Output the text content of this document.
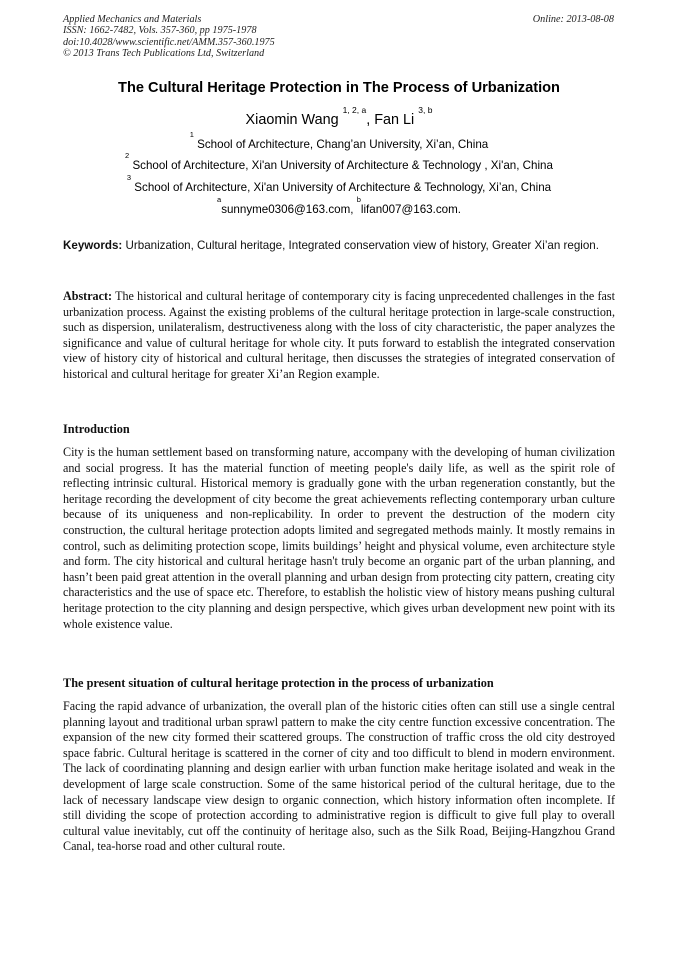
Applied Mechanics and Materials
ISSN: 1662-7482, Vols. 357-360, pp 1975-1978
doi:10.4028/www.scientific.net/AMM.357-360.1975
© 2013 Trans Tech Publications Ltd, Switzerland
Online: 2013-08-08
The Cultural Heritage Protection in The Process of Urbanization
Xiaomin Wang $^{1, 2, a}$, Fan Li $^{3, b}$
$^1$ School of Architecture, Chang’an University, Xi’an, China
$^2$ School of Architecture, Xi'an University of Architecture & Technology , Xi'an, China
$^3$ School of Architecture, Xi'an University of Architecture & Technology, Xi’an, China
$^a$sunnyme0306@163.com, $^b$lifan007@163.com.
Keywords: Urbanization, Cultural heritage, Integrated conservation view of history, Greater Xi’an region.
Abstract: The historical and cultural heritage of contemporary city is facing unprecedented challenges in the fast urbanization process. Against the existing problems of the cultural heritage protection in large-scale construction, such as dispersion, unilateralism, destructiveness along with the loss of city characteristic, the paper analyzes the significance and value of cultural heritage for whole city. It puts forward to establish the integrated conservation view of history city of historical and cultural heritage, then discusses the strategies of integrated conservation of historical and cultural heritage for greater Xi’an Region example.
Introduction
City is the human settlement based on transforming nature, accompany with the developing of human civilization and social progress. It has the material function of meeting people's daily life, as well as the spirit role of reflecting intrinsic cultural. Historical memory is gradually gone with the urban regeneration constantly, but the heritage recording the development of city become the great achievements reflecting contemporary urban culture because of its uniqueness and non-replicability. In order to prevent the destruction of the modern city construction, the cultural heritage protection adopts limited and segregated methods mainly. It mostly remains in control, such as delimiting protection scope, limits buildings’ height and physical volume, even architecture style and form. The city historical and cultural heritage hasn't truly become an organic part of the urban planning, and hasn’t been paid great attention in the overall planning and urban design from protecting city pattern, creating city characteristics and the use of space etc. Therefore, to establish the holistic view of history means pushing cultural heritage protection to the city planning and design perspective, which gives urban development new point with its whole existence value.
The present situation of cultural heritage protection in the process of urbanization
Facing the rapid advance of urbanization, the overall plan of the historic cities often can still use a single central planning layout and traditional urban sprawl pattern to make the city centre function excessive concentration. The expansion of the new city formed their scattered groups. The construction of traffic cross the old city destroyed space fabric. Cultural heritage is scattered in the corner of city and too difficult to blend in modern environment. The lack of coordinating planning and design earlier with urban function make heritage isolated and weak in the development of large scale construction. Some of the same historical period of the cultural heritage, due to the lack of necessary landscape view design to organic connection, which history information often incomplete. If still dividing the scope of protection according to administrative region is difficult to give full play to overall cultural value inevitably, cut off the continuity of heritage also, such as the Silk Road, Beijing-Hangzhou Grand Canal, tea-horse road and other cultural route.
